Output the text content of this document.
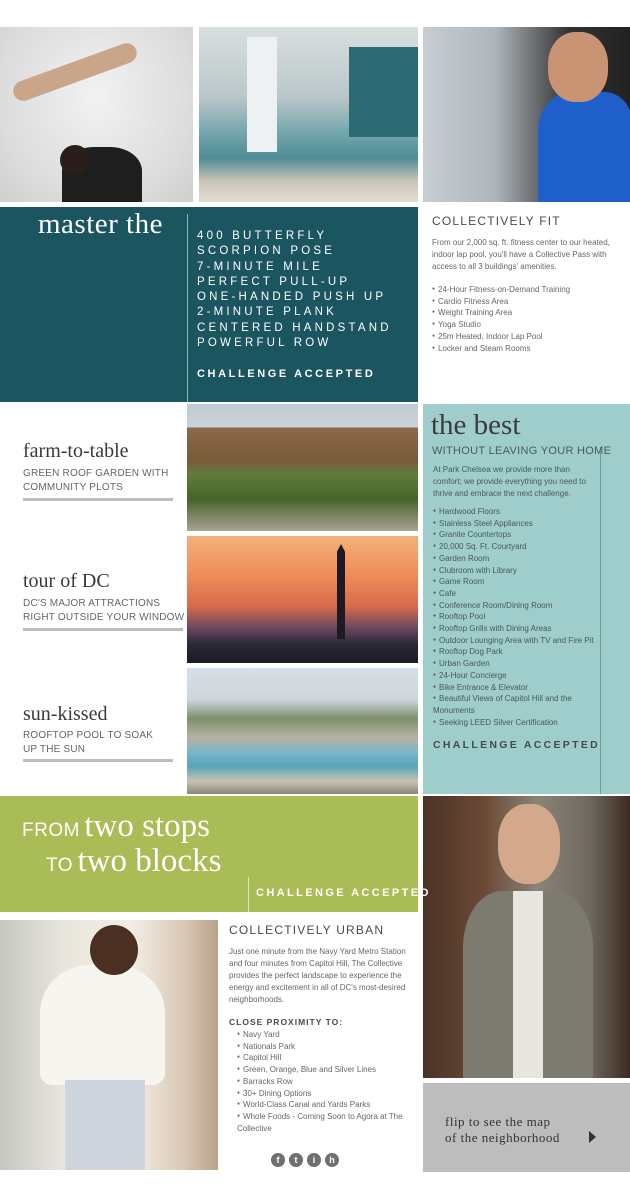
master the	400 BUTTERFLY
SCORPION POSE
7-MINUTE MILE
PERFECT PULL-UP
ONE-HANDED PUSH UP
2-MINUTE PLANK
CENTERED HANDSTAND
POWERFUL ROW
CHALLENGE ACCEPTED
COLLECTIVELY FIT
From our 2,000 sq. ft. fitness center to our heated, indoor lap pool, you'll have a Collective Pass with access to all 3 buildings' amenities.
● 24-Hour Fitness-on-Demand Training
● Cardio Fitness Area
● Weight Training Area
● Yoga Studio
● 25m Heated, Indoor Lap Pool
● Locker and Steam Rooms
farm-to-table
GREEN ROOF GARDEN WITH
COMMUNITY PLOTS
tour of DC
DC'S MAJOR ATTRACTIONS
RIGHT OUTSIDE YOUR WINDOW
sun-kissed
ROOFTOP POOL TO SOAK
UP THE SUN
the best
WITHOUT LEAVING YOUR HOME
At Park Chelsea we provide more than comfort; we provide everything you need to thrive and embrace the next challenge.
● Hardwood Floors
● Stainless Steel Appliances
● Granite Countertops
● 20,000 Sq. Ft. Courtyard
● Garden Room
● Clubroom with Library
● Game Room
● Cafe
● Conference Room/Dining Room
● Rooftop Pool
● Rooftop Grills with Dining Areas
● Outdoor Lounging Area with TV and Fire Pit
● Rooftop Dog Park
● Urban Garden
● 24-Hour Concierge
● Bike Entrance & Elevator
● Beautiful Views of Capitol Hill and the Monuments
● Seeking LEED Silver Certification
CHALLENGE ACCEPTED
FROM two stops
TO two blocks
CHALLENGE ACCEPTED
COLLECTIVELY URBAN
Just one minute from the Navy Yard Metro Station and four minutes from Capitol Hill, The Collective provides the perfect landscape to experience the energy and excitement in all of DC's most-desired neighborhoods.
CLOSE PROXIMITY TO:
● Navy Yard
● Nationals Park
● Capitol Hill
● Green, Orange, Blue and Silver Lines
● Barracks Row
● 30+ Dining Options
● World-Class Canal and Yards Parks
● Whole Foods - Coming Soon to Agora at The Collective
f	t	i	h
flip to see the map
of the neighborhood
